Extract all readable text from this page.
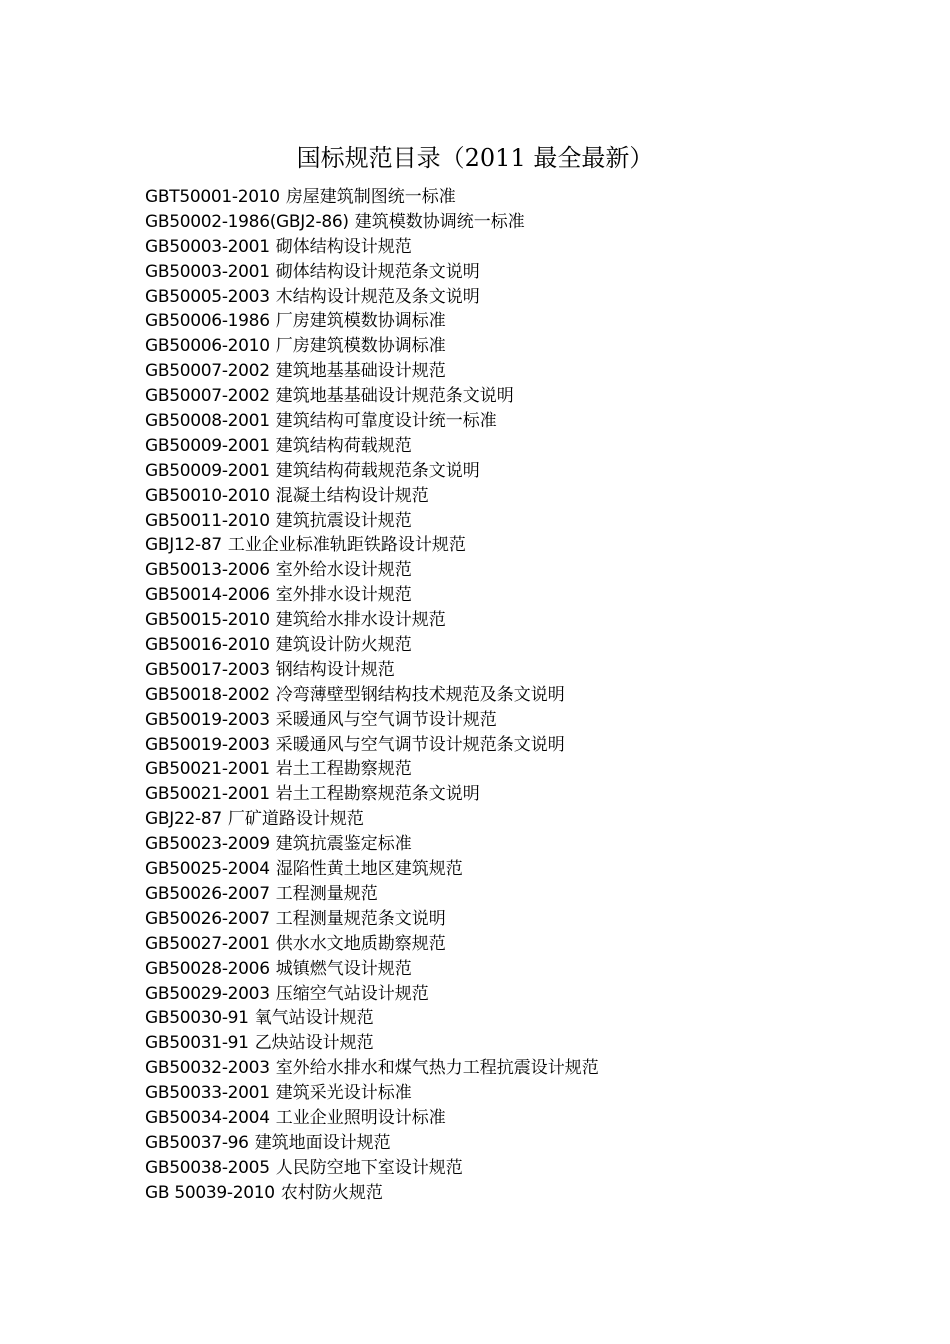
国标规范目录（2011 最全最新）
GBT50001-2010 房屋建筑制图统一标准
GB50002-1986(GBJ2-86) 建筑模数协调统一标准
GB50003-2001 砌体结构设计规范
GB50003-2001 砌体结构设计规范条文说明
GB50005-2003 木结构设计规范及条文说明
GB50006-1986 厂房建筑模数协调标准
GB50006-2010 厂房建筑模数协调标准
GB50007-2002 建筑地基基础设计规范
GB50007-2002 建筑地基基础设计规范条文说明
GB50008-2001 建筑结构可靠度设计统一标准
GB50009-2001 建筑结构荷载规范
GB50009-2001 建筑结构荷载规范条文说明
GB50010-2010 混凝土结构设计规范
GB50011-2010 建筑抗震设计规范
GBJ12-87 工业企业标准轨距铁路设计规范
GB50013-2006 室外给水设计规范
GB50014-2006 室外排水设计规范
GB50015-2010 建筑给水排水设计规范
GB50016-2010 建筑设计防火规范
GB50017-2003 钢结构设计规范
GB50018-2002 冷弯薄壁型钢结构技术规范及条文说明
GB50019-2003 采暖通风与空气调节设计规范
GB50019-2003 采暖通风与空气调节设计规范条文说明
GB50021-2001 岩土工程勘察规范
GB50021-2001 岩土工程勘察规范条文说明
GBJ22-87 厂矿道路设计规范
GB50023-2009 建筑抗震鉴定标准
GB50025-2004 湿陷性黄土地区建筑规范
GB50026-2007 工程测量规范
GB50026-2007 工程测量规范条文说明
GB50027-2001 供水水文地质勘察规范
GB50028-2006 城镇燃气设计规范
GB50029-2003 压缩空气站设计规范
GB50030-91 氧气站设计规范
GB50031-91 乙炔站设计规范
GB50032-2003 室外给水排水和煤气热力工程抗震设计规范
GB50033-2001 建筑采光设计标准
GB50034-2004 工业企业照明设计标准
GB50037-96 建筑地面设计规范
GB50038-2005 人民防空地下室设计规范
GB 50039-2010 农村防火规范
